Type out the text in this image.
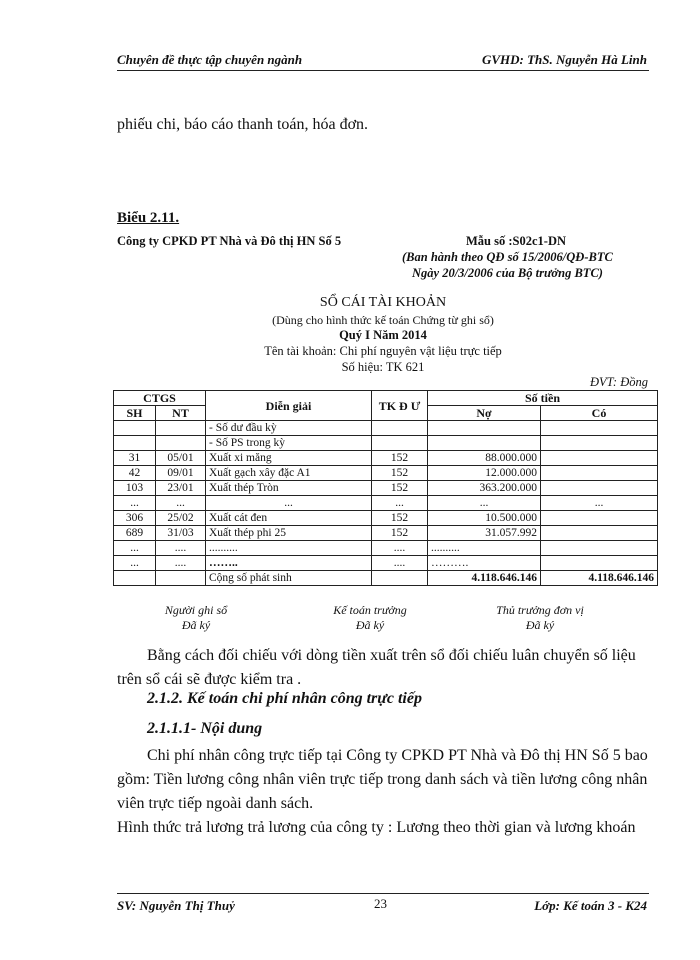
Chuyên đề thực tập chuyên ngành	GVHD: ThS. Nguyễn Hà Linh
phiếu chi, báo cáo thanh toán, hóa đơn.
Biểu 2.11.
Công ty CPKD PT Nhà và Đô thị HN Số 5	Mẫu số :S02c1-DN
(Ban hành theo QĐ số 15/2006/QĐ-BTC
Ngày 20/3/2006 của Bộ trưởng BTC)
SỔ CÁI TÀI KHOẢN
(Dùng cho hình thức kế toán Chứng từ ghi sổ)
Quý I Năm 2014
Tên tài khoản: Chi phí nguyên vật liệu trực tiếp
Số hiệu: TK 621
ĐVT: Đồng
CTGS		Diễn giải	TK Đ Ư	Số tiền	
SH	NT			Nợ	Có
		- Số dư đầu kỳ			
		- Số PS trong kỳ			
31	05/01	Xuất xi măng	152	88.000.000	
42	09/01	Xuất gạch xây đặc A1	152	12.000.000	
103	23/01	Xuất thép Tròn	152	363.200.000	
...	...	...	...	...	...
306	25/02	Xuất cát đen	152	10.500.000	
689	31/03	Xuất thép phi 25	152	31.057.992	
...	....	..........	....	..........	
...	....	……..	....	……….	
		Cộng số phát sinh		4.118.646.146	4.118.646.146
Người ghi sổ
Đã ký
Kế toán trưởng
Đã ký
Thủ trưởng đơn vị
Đã ký
Bằng cách đối chiếu với dòng tiền xuất trên sổ đối chiếu luân chuyển số liệu trên sổ cái sẽ được kiểm tra .
2.1.2. Kế toán chi phí nhân công trực tiếp
2.1.1.1- Nội dung
Chi phí nhân công trực tiếp tại Công ty CPKD PT Nhà và Đô thị HN Số 5 bao gồm: Tiền lương công nhân viên trực tiếp trong danh sách và tiền lương công nhân viên trực tiếp ngoài danh sách.
Hình thức trả lương trả lương của công ty : Lương theo thời gian và lương khoán
SV: Nguyễn Thị Thuỷ	23	Lớp: Kế toán 3 - K24
